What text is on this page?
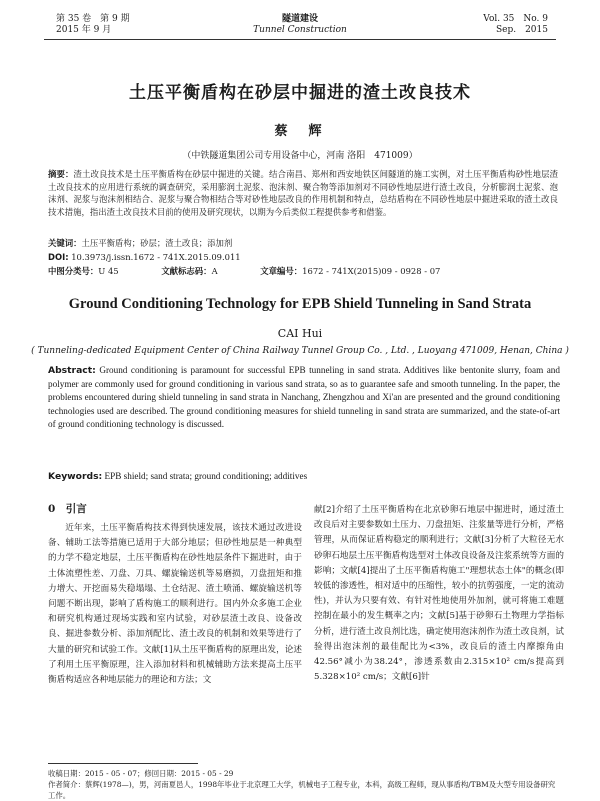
第 35 卷　第 9 期
2015 年 9 月
隧道建设
Tunnel Construction
Vol. 35　No. 9
Sep.　2015
土压平衡盾构在砂层中掘进的渣土改良技术
蔡　辉
（中铁隧道集团公司专用设备中心，河南 洛阳　471009）
摘要：渣土改良技术是土压平衡盾构在砂层中掘进的关键。结合南昌、郑州和西安地铁区间隧道的施工实例，对土压平衡盾构砂性地层渣土改良技术的应用进行系统的调查研究，采用膨润土泥浆、泡沫剂、聚合物等添加剂对不同砂性地层进行渣土改良，分析膨润土泥浆、泡沫剂、泥浆与泡沫剂相结合、泥浆与聚合物相结合等对砂性地层改良的作用机制和特点，总结盾构在不同砂性地层中掘进采取的渣土改良技术措施，指出渣土改良技术目前的使用及研究现状，以期为今后类似工程提供参考和借鉴。
关键词：土压平衡盾构；砂层；渣土改良；添加剂
DOI: 10.3973/j.issn.1672 - 741X.2015.09.011
中图分类号：U 45	文献标志码：A	文章编号：1672 - 741X(2015)09 - 0928 - 07
Ground Conditioning Technology for EPB Shield Tunneling in Sand Strata
CAI Hui
( Tunneling-dedicated Equipment Center of China Railway Tunnel Group Co. , Ltd. , Luoyang 471009, Henan, China )
Abstract: Ground conditioning is paramount for successful EPB tunneling in sand strata. Additives like bentonite slurry, foam and polymer are commonly used for ground conditioning in various sand strata, so as to guarantee safe and smooth tunneling. In the paper, the problems encountered during shield tunneling in sand strata in Nanchang, Zhengzhou and Xi'an are presented and the ground conditioning technologies used are described. The ground conditioning measures for shield tunneling in sand strata are summarized, and the state-of-art of ground conditioning technology is discussed.
Keywords: EPB shield; sand strata; ground conditioning; additives
0　引言
近年来，土压平衡盾构技术得到快速发展，该技术通过改进设备、辅助工法等措施已适用于大部分地层；但砂性地层是一种典型的力学不稳定地层，土压平衡盾构在砂性地层条件下掘进时，由于土体流塑性差、刀盘、刀具、螺旋输送机等易磨损，刀盘扭矩和推力增大、开挖面易失稳塌塌、土仓结泥、渣土喷涌、螺旋输送机等问题不断出现，影响了盾构施工的顺利进行。国内外众多施工企业和研究机构通过现场实践和室内试验，对砂层渣土改良、设备改良、掘进参数分析、添加剂配比、渣土改良的机制和效果等进行了大量的研究和试验工作。文献[1]从土压平衡盾构的原理出发，论述了利用土压平衡原理，注入添加材料和机械辅助方法来提高土压平衡盾构适应各种地层能力的理论和方法；文
献[2]介绍了土压平衡盾构在北京砂卵石地层中掘进时，通过渣土改良后对主要参数如土压力、刀盘扭矩、注浆量等进行分析，严格管理，从而保证盾构稳定的顺利进行；文献[3]分析了大粒径无水砂卵石地层土压平衡盾构选型对土体改良设备及注浆系统等方面的影响；文献[4]提出了土压平衡盾构施工"理想状态土体"的概念(即较低的渗透性，相对适中的压缩性，较小的抗剪强度，一定的流动性)，并认为只要有效、有针对性地使用外加剂，就可将施工难题控制在最小的发生概率之内；文献[5]基于砂卵石土物理力学指标分析，进行渣土改良剂比选，确定使用泡沫剂作为渣土改良剂，试验得出泡沫剂的最佳配比为<3%，改良后的渣土内摩擦角由42.56°减小为38.24°，渗透系数由2.315×10² cm/s提高到5.328×10² cm/s；文献[6]针
收稿日期：2015 - 05 - 07；修回日期：2015 - 05 - 29
作者简介：蔡辉(1978—)，男，河南夏邑人，1998年毕业于北京理工大学，机械电子工程专业，本科，高级工程师，现从事盾构/TBM及大型专用设备研究工作。
